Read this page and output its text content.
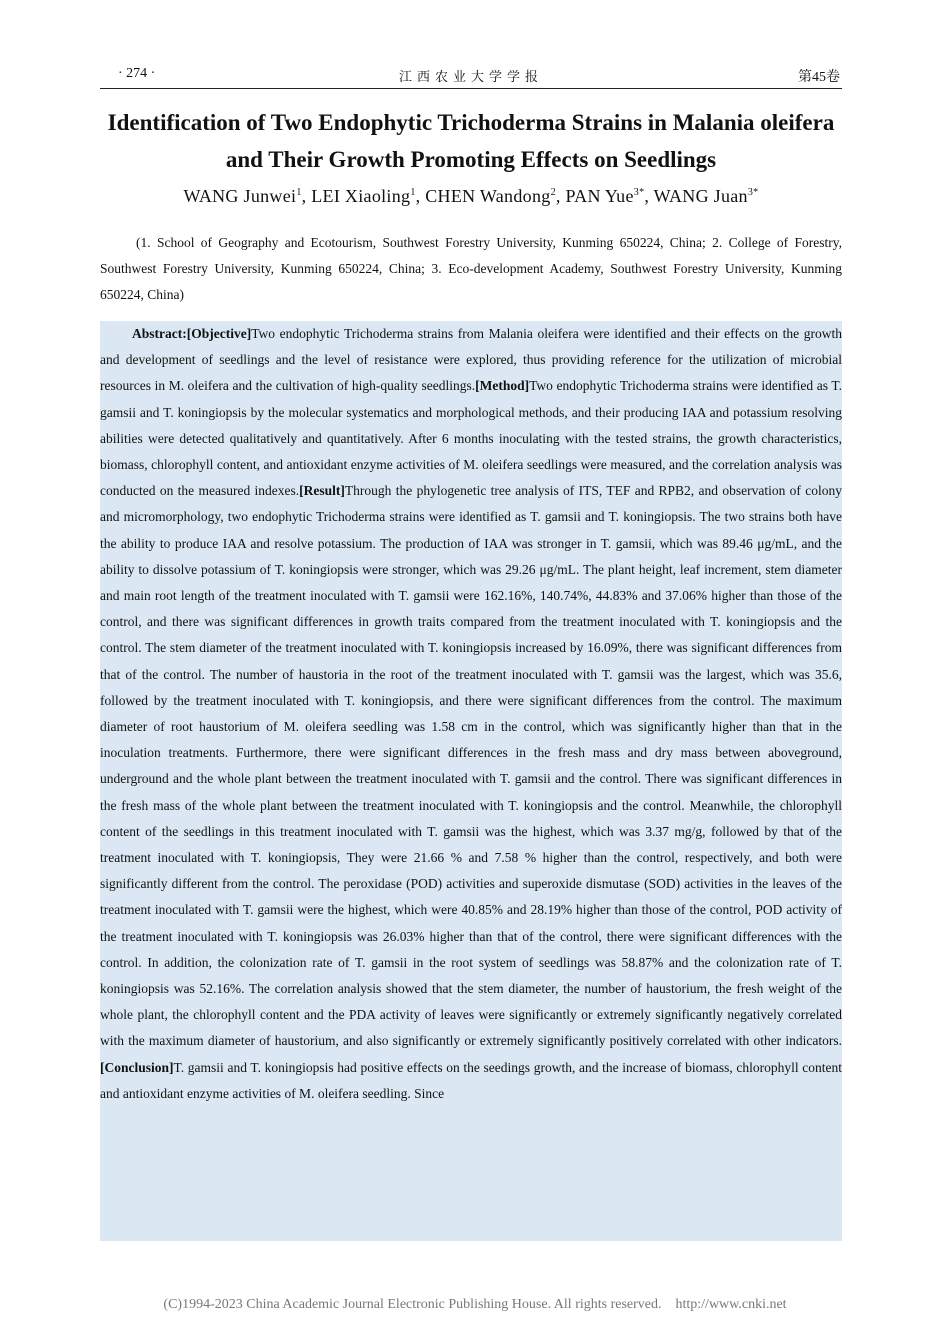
· 274 ·	江西农业大学学报	第45卷
Identification of Two Endophytic Trichoderma Strains in Malania oleifera and Their Growth Promoting Effects on Seedlings
WANG Junwei$^1$, LEI Xiaoling$^1$, CHEN Wandong$^2$, PAN Yue$^{3*}$, WANG Juan$^{3*}$
(1. School of Geography and Ecotourism, Southwest Forestry University, Kunming 650224, China; 2. College of Forestry, Southwest Forestry University, Kunming 650224, China; 3. Eco-development Academy, Southwest Forestry University, Kunming 650224, China)

Abstract:[Objective]Two endophytic Trichoderma strains from Malania oleifera were identified and their effects on the growth and development of seedlings and the level of resistance were explored, thus providing reference for the utilization of microbial resources in M. oleifera and the cultivation of high-quality seedlings.[Method]Two endophytic Trichoderma strains were identified as T. gamsii and T. koningiopsis by the molecular systematics and morphological methods, and their producing IAA and potassium resolving abilities were detected qualitatively and quantitatively. After 6 months inoculating with the tested strains, the growth characteristics, biomass, chlorophyll content, and antioxidant enzyme activities of M. oleifera seedlings were measured, and the correlation analysis was conducted on the measured indexes.[Result]Through the phylogenetic tree analysis of ITS, TEF and RPB2, and observation of colony and micromorphology, two endophytic Trichoderma strains were identified as T. gamsii and T. koningiopsis. The two strains both have the ability to produce IAA and resolve potassium. The production of IAA was stronger in T. gamsii, which was 89.46 μg/mL, and the ability to dissolve potassium of T. koningiopsis were stronger, which was 29.26 μg/mL. The plant height, leaf increment, stem diameter and main root length of the treatment inoculated with T. gamsii were 162.16%, 140.74%, 44.83% and 37.06% higher than those of the control, and there was significant differences in growth traits compared from the treatment inoculated with T. koningiopsis and the control. The stem diameter of the treatment inoculated with T. koningiopsis increased by 16.09%, there was significant differences from that of the control. The number of haustoria in the root of the treatment inoculated with T. gamsii was the largest, which was 35.6, followed by the treatment inoculated with T. koningiopsis, and there were significant differences from the control. The maximum diameter of root haustorium of M. oleifera seedling was 1.58 cm in the control, which was significantly higher than that in the inoculation treatments. Furthermore, there were significant differences in the fresh mass and dry mass between aboveground, underground and the whole plant between the treatment inoculated with T. gamsii and the control. There was significant differences in the fresh mass of the whole plant between the treatment inoculated with T. koningiopsis and the control. Meanwhile, the chlorophyll content of the seedlings in this treatment inoculated with T. gamsii was the highest, which was 3.37 mg/g, followed by that of the treatment inoculated with T. koningiopsis, They were 21.66 % and 7.58 % higher than the control, respectively, and both were significantly different from the control. The peroxidase (POD) activities and superoxide dismutase (SOD) activities in the leaves of the treatment inoculated with T. gamsii were the highest, which were 40.85% and 28.19% higher than those of the control, POD activity of the treatment inoculated with T. koningiopsis was 26.03% higher than that of the control, there were significant differences with the control. In addition, the colonization rate of T. gamsii in the root system of seedlings was 58.87% and the colonization rate of T. koningiopsis was 52.16%. The correlation analysis showed that the stem diameter, the number of haustorium, the fresh weight of the whole plant, the chlorophyll content and the PDA activity of leaves were significantly or extremely significantly negatively correlated with the maximum diameter of haustorium, and also significantly or extremely significantly positively correlated with other indicators.[Conclusion]T. gamsii and T. koningiopsis had positive effects on the seedings growth, and the increase of biomass, chlorophyll content and antioxidant enzyme activities of M. oleifera seedling. Since

(C)1994-2023 China Academic Journal Electronic Publishing House. All rights reserved.    http://www.cnki.net
